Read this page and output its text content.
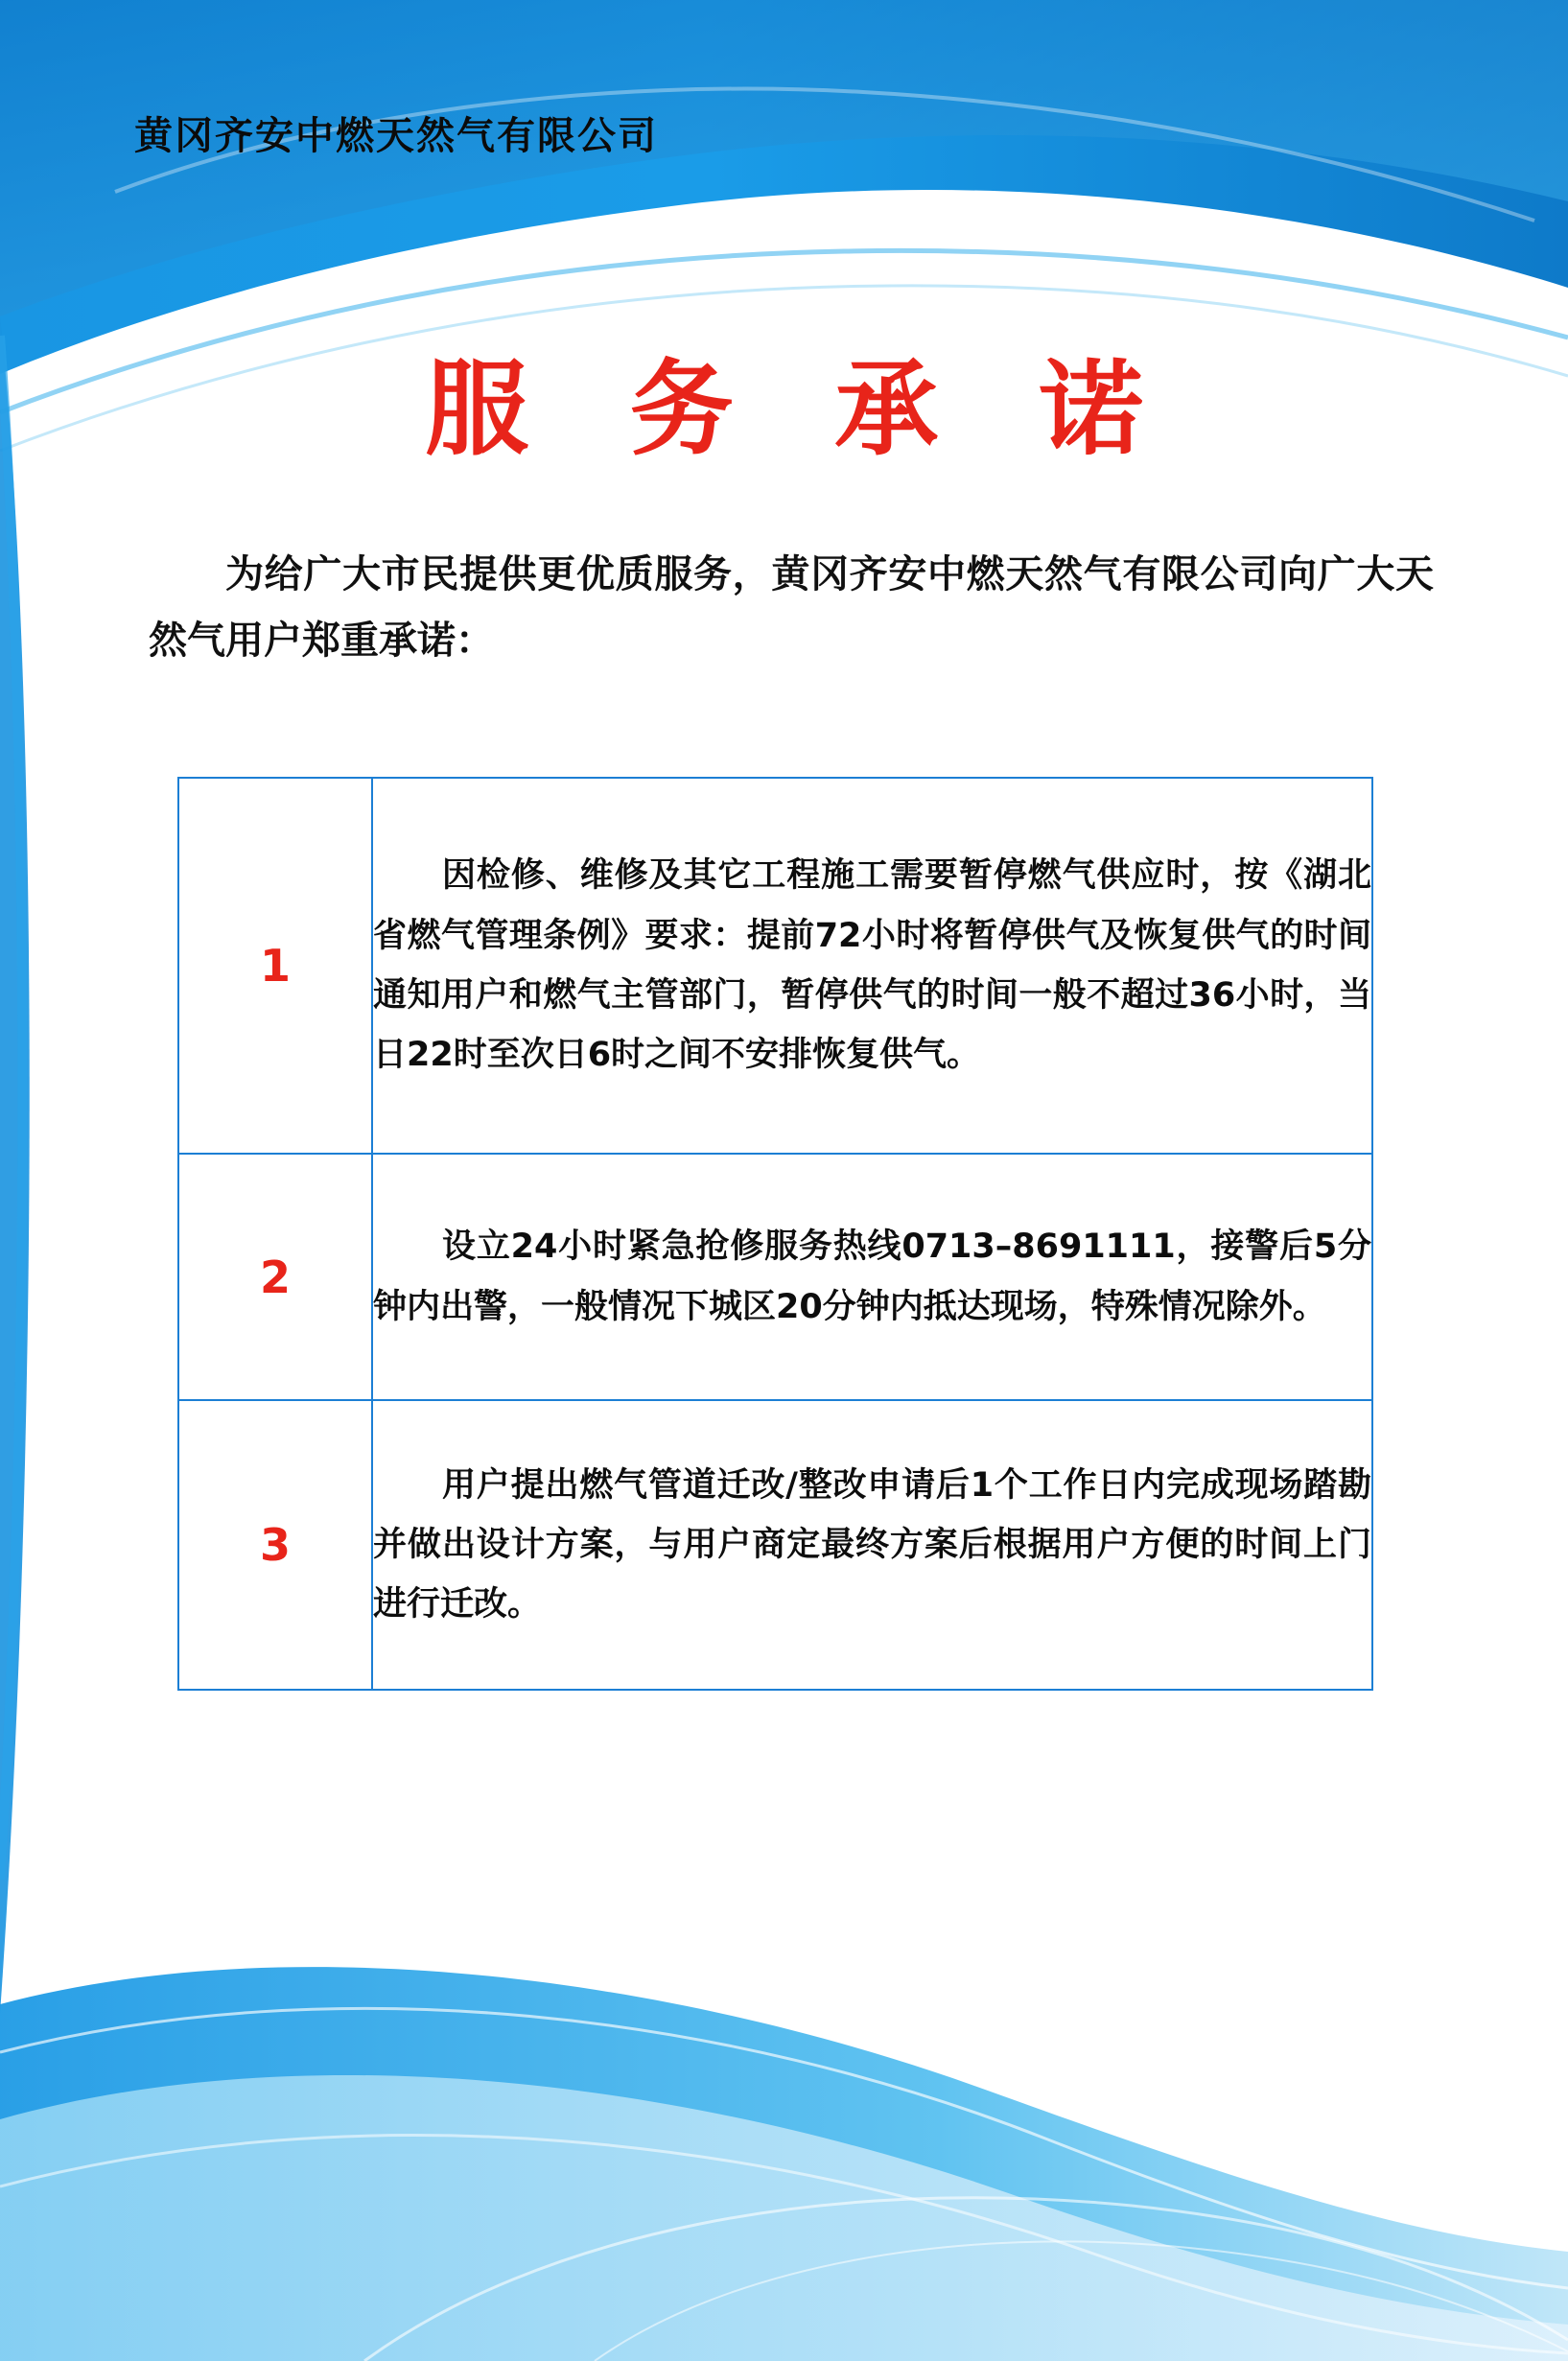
黄冈齐安中燃天然气有限公司
服 务 承 诺
为给广大市民提供更优质服务，黄冈齐安中燃天然气有限公司向广大天然气用户郑重承诺：
1	因检修、维修及其它工程施工需要暂停燃气供应时，按《湖北省燃气管理条例》要求：提前72小时将暂停供气及恢复供气的时间通知用户和燃气主管部门，暂停供气的时间一般不超过36小时，当日22时至次日6时之间不安排恢复供气。

2	设立24小时紧急抢修服务热线0713–8691111，接警后5分钟内出警，一般情况下城区20分钟内抵达现场，特殊情况除外。

3	用户提出燃气管道迁改/整改申请后1个工作日内完成现场踏勘并做出设计方案，与用户商定最终方案后根据用户方便的时间上门进行迁改。
